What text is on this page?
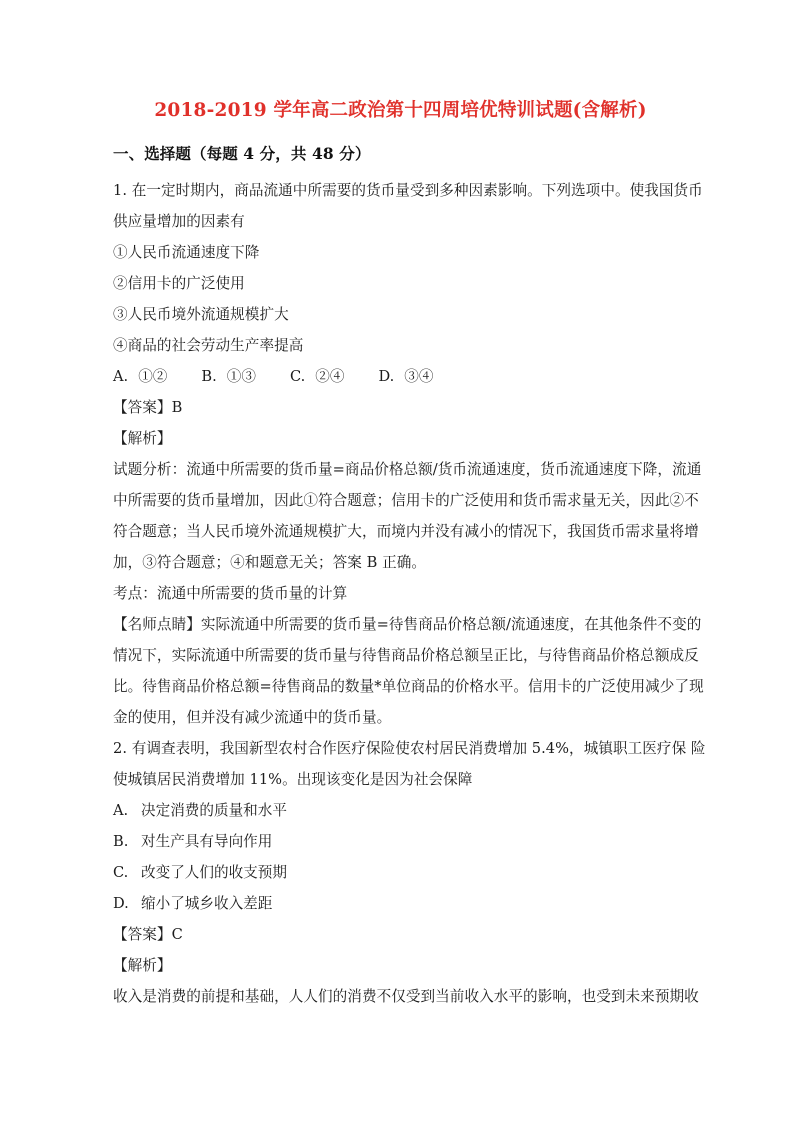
2018-2019 学年高二政治第十四周培优特训试题(含解析)
一、选择题（每题 4 分，共 48 分）
1. 在一定时期内，商品流通中所需要的货币量受到多种因素影响。下列选项中。使我国货币
供应量增加的因素有
①人民币流通速度下降
②信用卡的广泛使用
③人民币境外流通规模扩大
④商品的社会劳动生产率提高
A. ①② B. ①③ C. ②④ D. ③④
【答案】B
【解析】
试题分析：流通中所需要的货币量=商品价格总额/货币流通速度，货币流通速度下降，流通
中所需要的货币量增加，因此①符合题意；信用卡的广泛使用和货币需求量无关，因此②不
符合题意；当人民币境外流通规模扩大，而境内并没有减小的情况下，我国货币需求量将增
加，③符合题意；④和题意无关；答案 B 正确。
考点：流通中所需要的货币量的计算
【名师点睛】实际流通中所需要的货币量=待售商品价格总额/流通速度，在其他条件不变的
情况下，实际流通中所需要的货币量与待售商品价格总额呈正比，与待售商品价格总额成反
比。待售商品价格总额=待售商品的数量*单位商品的价格水平。信用卡的广泛使用减少了现
金的使用，但并没有减少流通中的货币量。
2. 有调查表明，我国新型农村合作医疗保险使农村居民消费增加 5.4%，城镇职工医疗保 险
使城镇居民消费增加 11%。出现该变化是因为社会保障
A. 决定消费的质量和水平
B. 对生产具有导向作用
C. 改变了人们的收支预期
D. 缩小了城乡收入差距
【答案】C
【解析】
收入是消费的前提和基础，人人们的消费不仅受到当前收入水平的影响，也受到未来预期收
